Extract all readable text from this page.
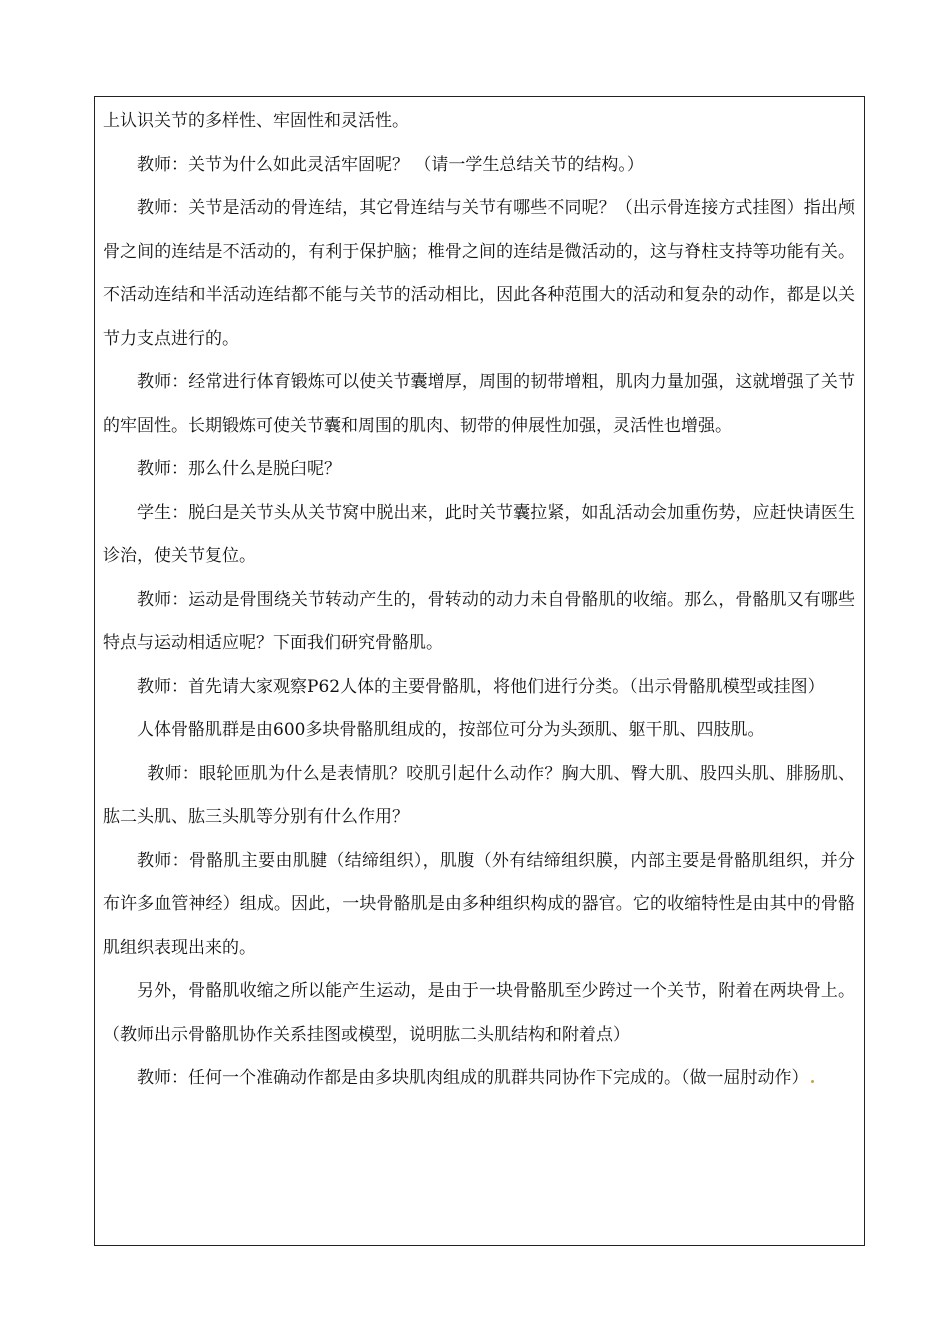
上认识关节的多样性、牢固性和灵活性。

教师：关节为什么如此灵活牢固呢？ （请一学生总结关节的结构。）

教师：关节是活动的骨连结，其它骨连结与关节有哪些不同呢？（出示骨连接方式挂图）指出颅骨之间的连结是不活动的，有利于保护脑；椎骨之间的连结是微活动的，这与脊柱支持等功能有关。不活动连结和半活动连结都不能与关节的活动相比，因此各种范围大的活动和复杂的动作，都是以关节力支点进行的。

教师：经常进行体育锻炼可以使关节囊增厚，周围的韧带增粗，肌肉力量加强，这就增强了关节的牢固性。长期锻炼可使关节囊和周围的肌肉、韧带的伸展性加强，灵活性也增强。

教师：那么什么是脱臼呢？

学生：脱臼是关节头从关节窝中脱出来，此时关节囊拉紧，如乱活动会加重伤势，应赶快请医生诊治，使关节复位。

教师：运动是骨围绕关节转动产生的，骨转动的动力未自骨骼肌的收缩。那么，骨骼肌又有哪些特点与运动相适应呢？下面我们研究骨骼肌。

教师：首先请大家观察P62人体的主要骨骼肌，将他们进行分类。（出示骨骼肌模型或挂图）

人体骨骼肌群是由600多块骨骼肌组成的，按部位可分为头颈肌、躯干肌、四肢肌。

教师：眼轮匝肌为什么是表情肌？咬肌引起什么动作？胸大肌、臀大肌、股四头肌、腓肠肌、肱二头肌、肱三头肌等分别有什么作用？

教师：骨骼肌主要由肌腱（结缔组织），肌腹（外有结缔组织膜，内部主要是骨骼肌组织，并分布许多血管神经）组成。因此，一块骨骼肌是由多种组织构成的器官。它的收缩特性是由其中的骨骼肌组织表现出来的。

另外，骨骼肌收缩之所以能产生运动，是由于一块骨骼肌至少跨过一个关节，附着在两块骨上。（教师出示骨骼肌协作关系挂图或模型，说明肱二头肌结构和附着点）

教师：任何一个准确动作都是由多块肌肉组成的肌群共同协作下完成的。（做一屈肘动作）
